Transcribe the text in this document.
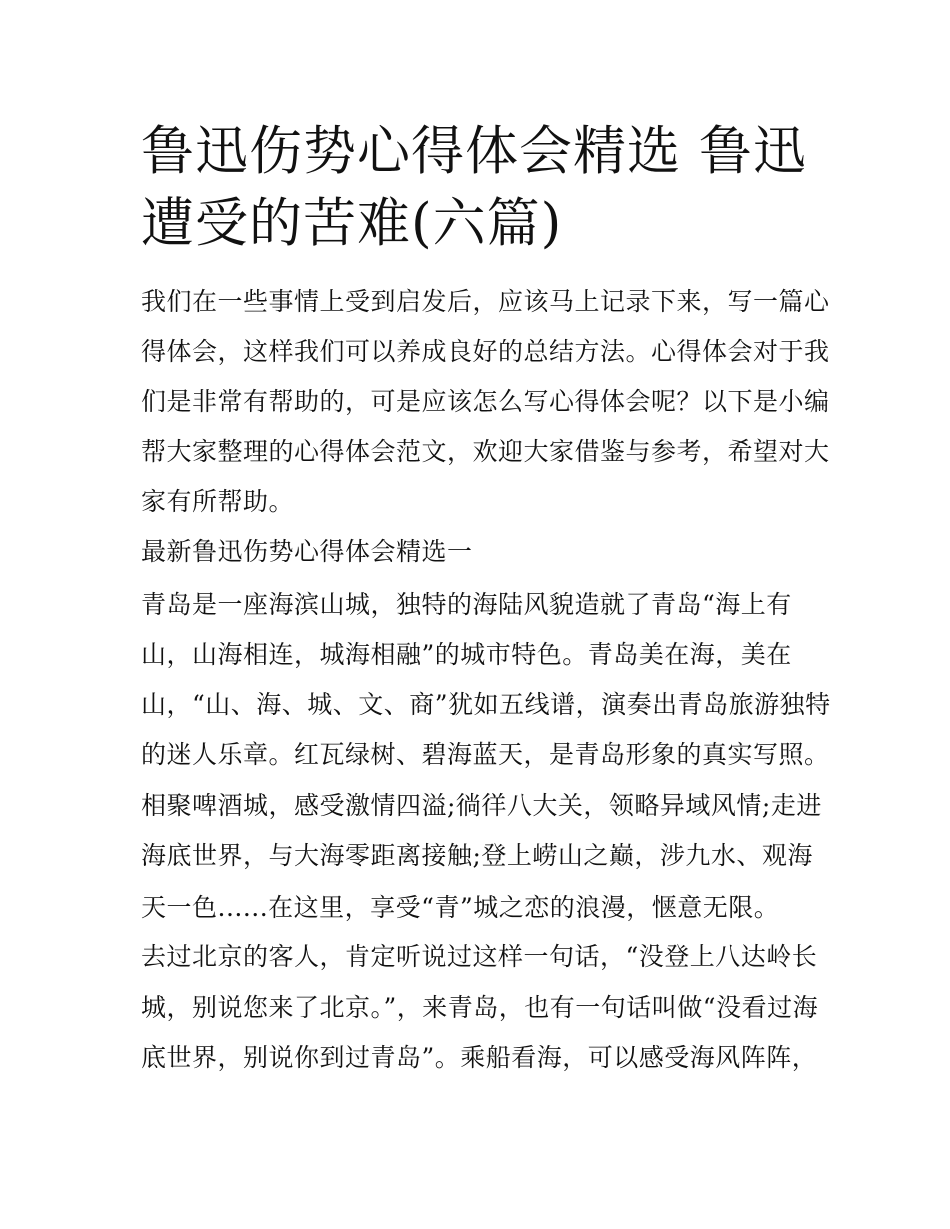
鲁迅伤势心得体会精选 鲁迅遭受的苦难(六篇)

我们在一些事情上受到启发后，应该马上记录下来，写一篇心

得体会，这样我们可以养成良好的总结方法。心得体会对于我

们是非常有帮助的，可是应该怎么写心得体会呢？以下是小编

帮大家整理的心得体会范文，欢迎大家借鉴与参考，希望对大

家有所帮助。

最新鲁迅伤势心得体会精选一

青岛是一座海滨山城，独特的海陆风貌造就了青岛“海上有

山，山海相连，城海相融”的城市特色。青岛美在海，美在

山，“山、海、城、文、商”犹如五线谱，演奏出青岛旅游独特

的迷人乐章。红瓦绿树、碧海蓝天，是青岛形象的真实写照。

相聚啤酒城，感受激情四溢;徜徉八大关，领略异域风情;走进

海底世界，与大海零距离接触;登上崂山之巅，涉九水、观海

天一色......在这里，享受“青”城之恋的浪漫，惬意无限。

去过北京的客人，肯定听说过这样一句话，“没登上八达岭长

城，别说您来了北京。”，来青岛，也有一句话叫做“没看过海

底世界，别说你到过青岛”。乘船看海，可以感受海风阵阵，
